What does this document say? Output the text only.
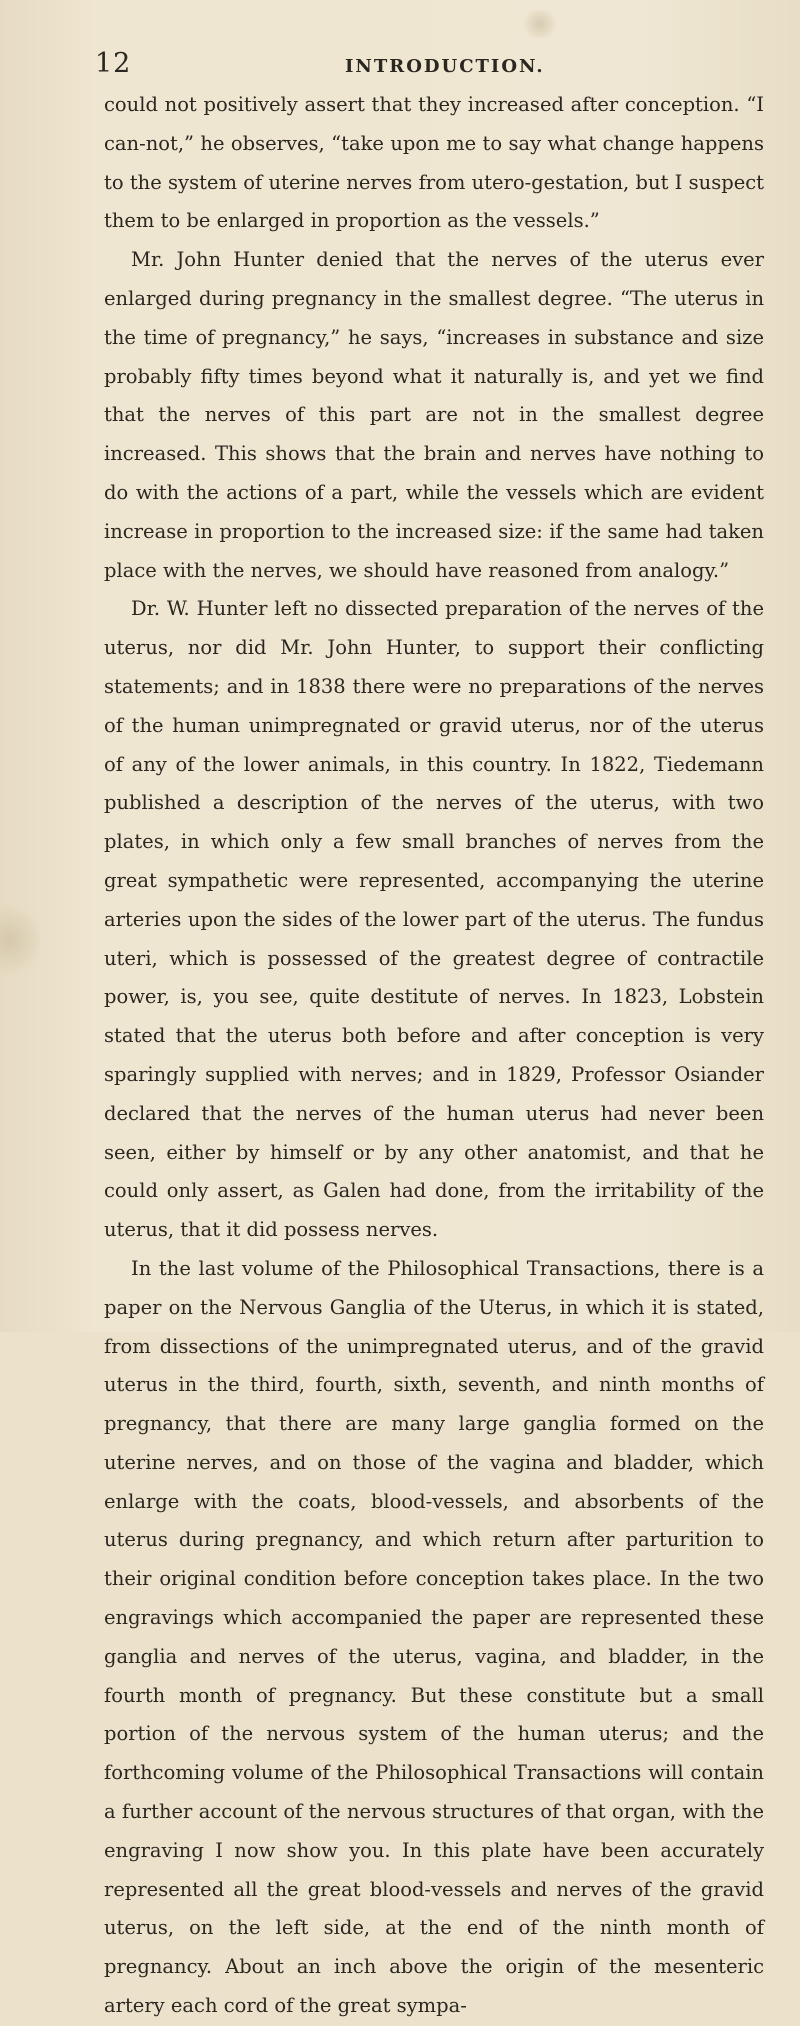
12	INTRODUCTION.

could not positively assert that they increased after conception. “I can-not,” he observes, “take upon me to say what change happens to the system of uterine nerves from utero-gestation, but I suspect them to be enlarged in proportion as the vessels.”

Mr. John Hunter denied that the nerves of the uterus ever enlarged during pregnancy in the smallest degree. “The uterus in the time of pregnancy,” he says, “increases in substance and size probably fifty times beyond what it naturally is, and yet we find that the nerves of this part are not in the smallest degree increased. This shows that the brain and nerves have nothing to do with the actions of a part, while the vessels which are evident increase in proportion to the increased size: if the same had taken place with the nerves, we should have reasoned from analogy.”

Dr. W. Hunter left no dissected preparation of the nerves of the uterus, nor did Mr. John Hunter, to support their conflicting statements; and in 1838 there were no preparations of the nerves of the human unimpregnated or gravid uterus, nor of the uterus of any of the lower animals, in this country. In 1822, Tiedemann published a description of the nerves of the uterus, with two plates, in which only a few small branches of nerves from the great sympathetic were represented, accompanying the uterine arteries upon the sides of the lower part of the uterus. The fundus uteri, which is possessed of the greatest degree of contractile power, is, you see, quite destitute of nerves. In 1823, Lobstein stated that the uterus both before and after conception is very sparingly supplied with nerves; and in 1829, Professor Osiander declared that the nerves of the human uterus had never been seen, either by himself or by any other anatomist, and that he could only assert, as Galen had done, from the irritability of the uterus, that it did possess nerves.

In the last volume of the Philosophical Transactions, there is a paper on the Nervous Ganglia of the Uterus, in which it is stated, from dissections of the unimpregnated uterus, and of the gravid uterus in the third, fourth, sixth, seventh, and ninth months of pregnancy, that there are many large ganglia formed on the uterine nerves, and on those of the vagina and bladder, which enlarge with the coats, blood-vessels, and absorbents of the uterus during pregnancy, and which return after parturition to their original condition before conception takes place. In the two engravings which accompanied the paper are represented these ganglia and nerves of the uterus, vagina, and bladder, in the fourth month of pregnancy. But these constitute but a small portion of the nervous system of the human uterus; and the forthcoming volume of the Philosophical Transactions will contain a further account of the nervous structures of that organ, with the engraving I now show you. In this plate have been accurately represented all the great blood-vessels and nerves of the gravid uterus, on the left side, at the end of the ninth month of pregnancy. About an inch above the origin of the mesenteric artery each cord of the great sympa-
